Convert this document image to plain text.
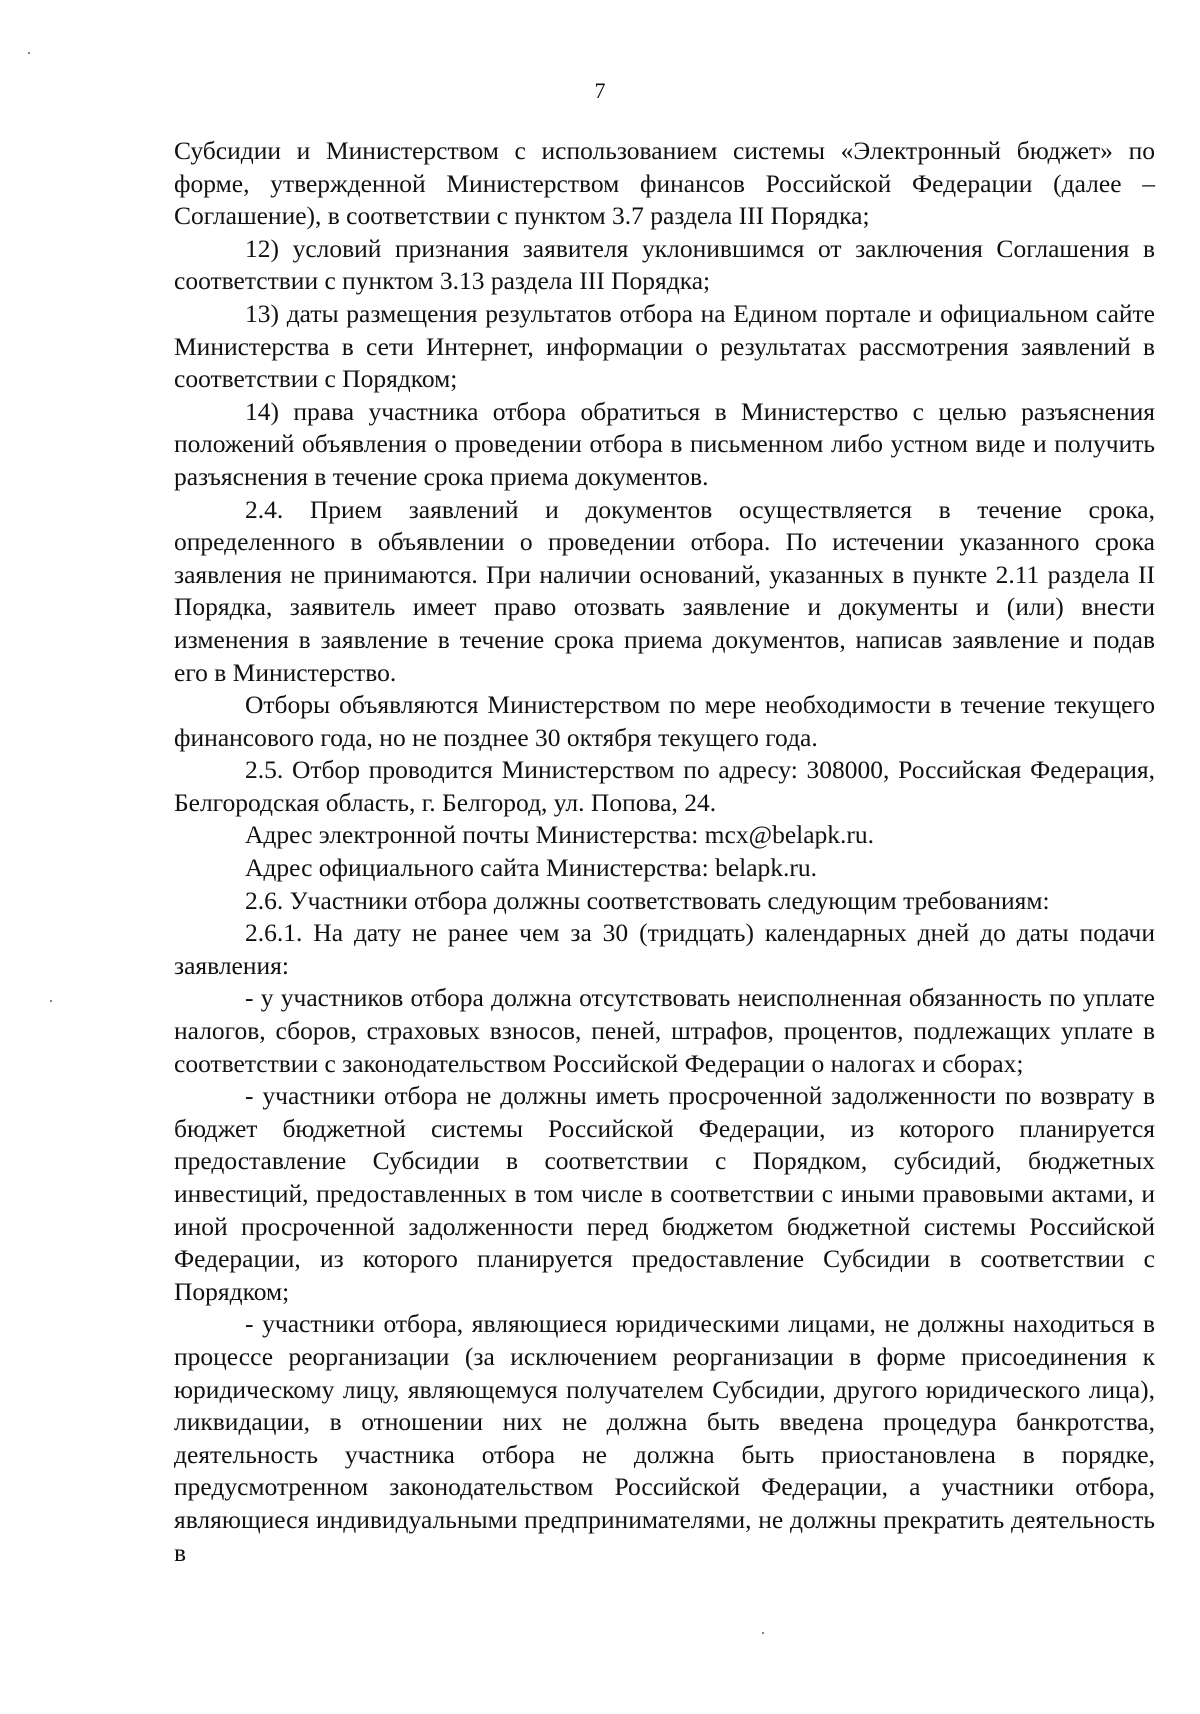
7

Субсидии и Министерством с использованием системы «Электронный бюджет» по форме, утвержденной Министерством финансов Российской Федерации (далее – Соглашение), в соответствии с пунктом 3.7 раздела III Порядка;

12) условий признания заявителя уклонившимся от заключения Соглашения в соответствии с пунктом 3.13 раздела III Порядка;

13) даты размещения результатов отбора на Едином портале и официальном сайте Министерства в сети Интернет, информации о результатах рассмотрения заявлений в соответствии с Порядком;

14) права участника отбора обратиться в Министерство с целью разъяснения положений объявления о проведении отбора в письменном либо устном виде и получить разъяснения в течение срока приема документов.

2.4. Прием заявлений и документов осуществляется в течение срока, определенного в объявлении о проведении отбора. По истечении указанного срока заявления не принимаются. При наличии оснований, указанных в пункте 2.11 раздела II Порядка, заявитель имеет право отозвать заявление и документы и (или) внести изменения в заявление в течение срока приема документов, написав заявление и подав его в Министерство.

Отборы объявляются Министерством по мере необходимости в течение текущего финансового года, но не позднее 30 октября текущего года.

2.5. Отбор проводится Министерством по адресу: 308000, Российская Федерация, Белгородская область, г. Белгород, ул. Попова, 24.

Адрес электронной почты Министерства: mcx@belapk.ru.

Адрес официального сайта Министерства: belapk.ru.

2.6. Участники отбора должны соответствовать следующим требованиям:

2.6.1. На дату не ранее чем за 30 (тридцать) календарных дней до даты подачи заявления:

- у участников отбора должна отсутствовать неисполненная обязанность по уплате налогов, сборов, страховых взносов, пеней, штрафов, процентов, подлежащих уплате в соответствии с законодательством Российской Федерации о налогах и сборах;

- участники отбора не должны иметь просроченной задолженности по возврату в бюджет бюджетной системы Российской Федерации, из которого планируется предоставление Субсидии в соответствии с Порядком, субсидий, бюджетных инвестиций, предоставленных в том числе в соответствии с иными правовыми актами, и иной просроченной задолженности перед бюджетом бюджетной системы Российской Федерации, из которого планируется предоставление Субсидии в соответствии с Порядком;

- участники отбора, являющиеся юридическими лицами, не должны находиться в процессе реорганизации (за исключением реорганизации в форме присоединения к юридическому лицу, являющемуся получателем Субсидии, другого юридического лица), ликвидации, в отношении них не должна быть введена процедура банкротства, деятельность участника отбора не должна быть приостановлена в порядке, предусмотренном законодательством Российской Федерации, а участники отбора, являющиеся индивидуальными предпринимателями, не должны прекратить деятельность в
